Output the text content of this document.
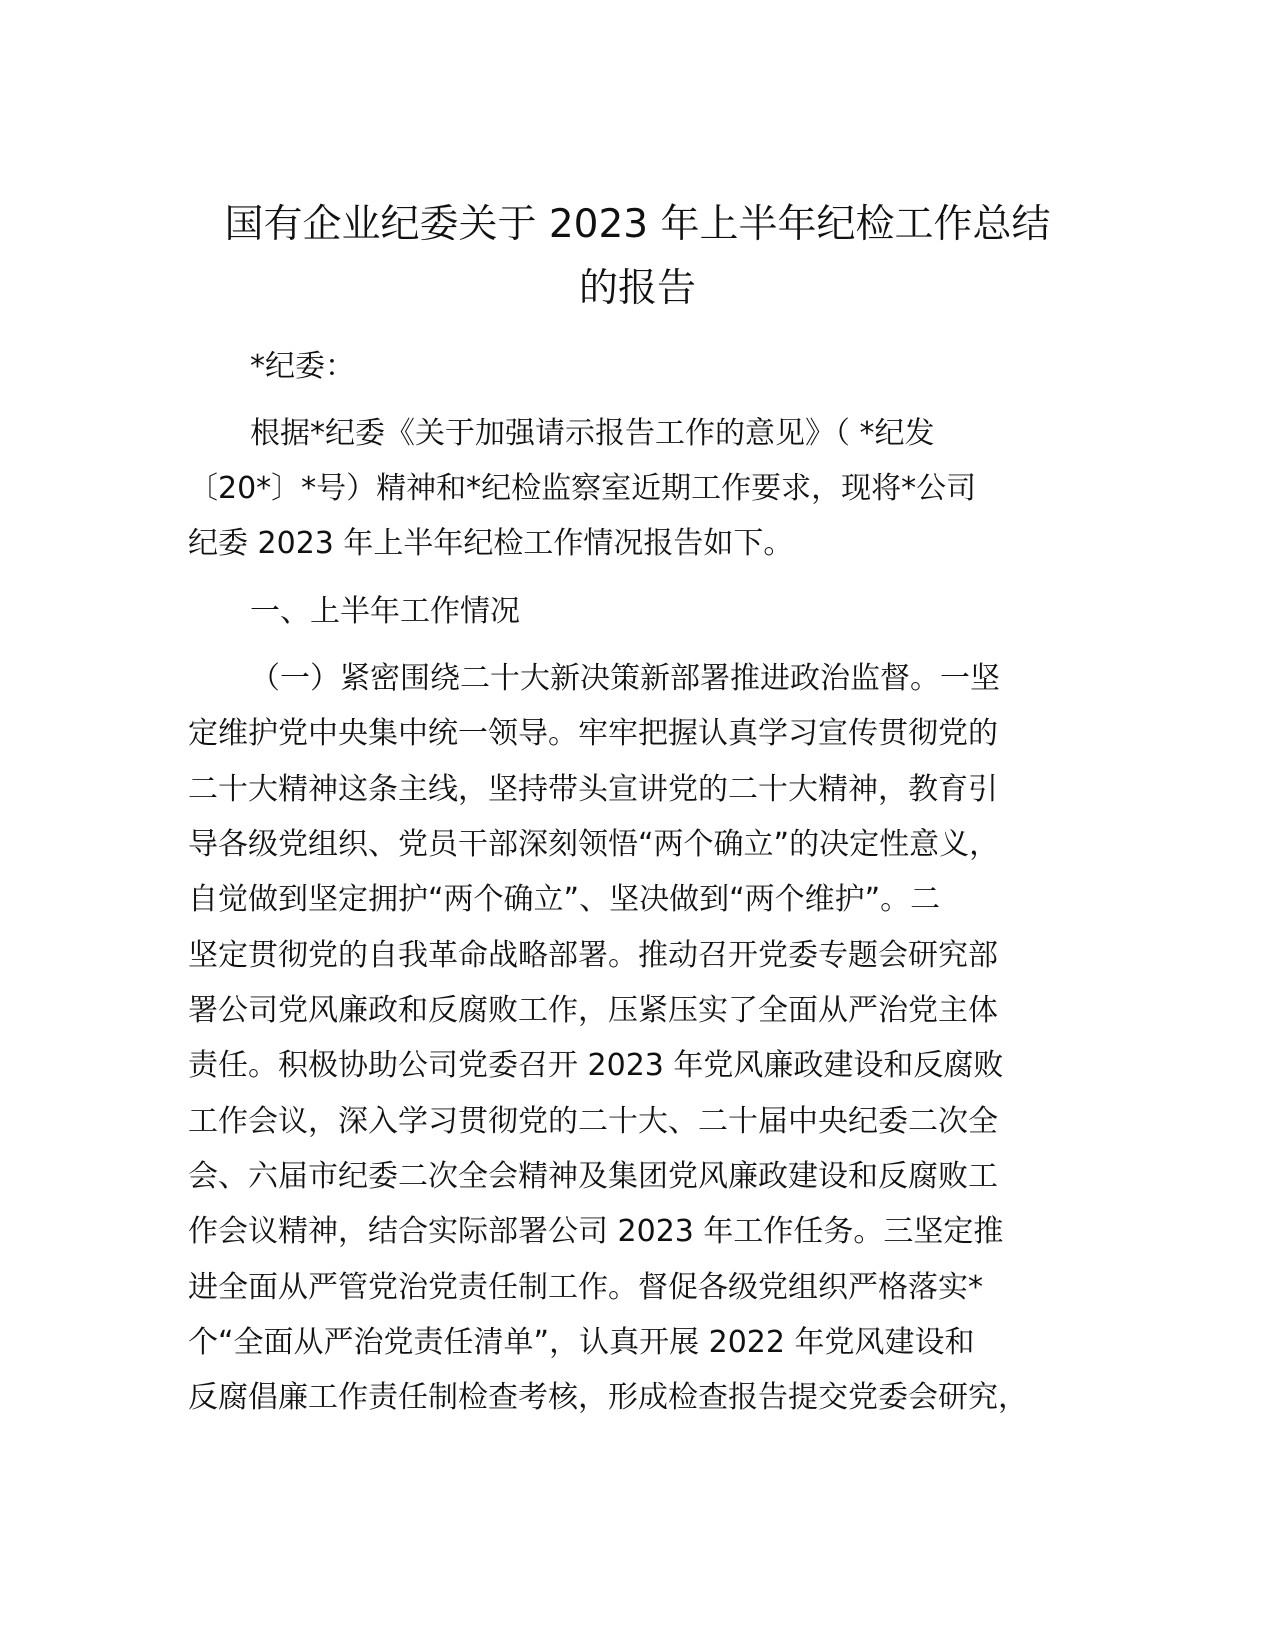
国有企业纪委关于 2023 年上半年纪检工作总结
的报告
*纪委：
根据*纪委《关于加强请示报告工作的意见》（ *纪发
〔20*〕*号）精神和*纪检监察室近期工作要求，现将*公司
纪委 2023 年上半年纪检工作情况报告如下。
一、上半年工作情况
（一）紧密围绕二十大新决策新部署推进政治监督。一坚
定维护党中央集中统一领导。牢牢把握认真学习宣传贯彻党的
二十大精神这条主线，坚持带头宣讲党的二十大精神，教育引
导各级党组织、党员干部深刻领悟“两个确立”的决定性意义，
自觉做到坚定拥护“两个确立”、坚决做到“两个维护”。二
坚定贯彻党的自我革命战略部署。推动召开党委专题会研究部
署公司党风廉政和反腐败工作，压紧压实了全面从严治党主体
责任。积极协助公司党委召开 2023 年党风廉政建设和反腐败
工作会议，深入学习贯彻党的二十大、二十届中央纪委二次全
会、六届市纪委二次全会精神及集团党风廉政建设和反腐败工
作会议精神，结合实际部署公司 2023 年工作任务。三坚定推
进全面从严管党治党责任制工作。督促各级党组织严格落实*
个“全面从严治党责任清单”，认真开展 2022 年党风建设和
反腐倡廉工作责任制检查考核，形成检查报告提交党委会研究，
